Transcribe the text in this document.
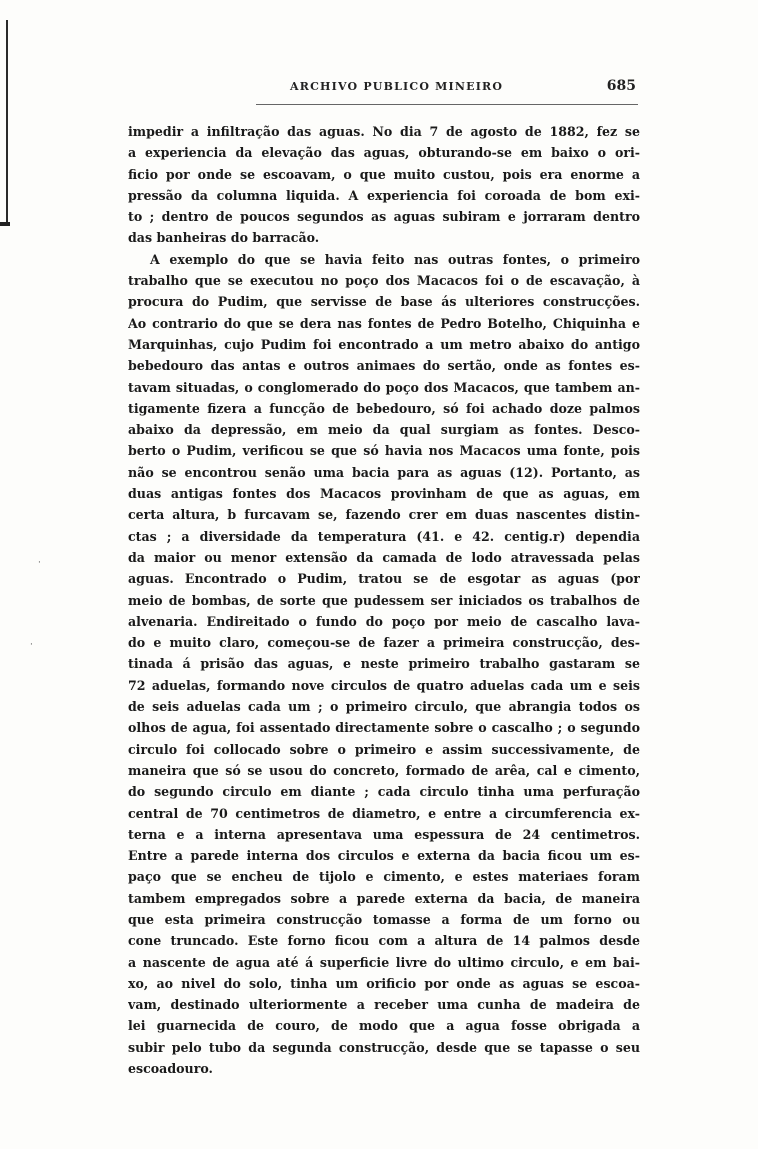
ARCHIVO PUBLICO MINEIRO	685
impedir a infiltração das aguas. No dia 7 de agosto de 1882, fez se
a experiencia da elevação das aguas, obturando-se em baixo o ori-
ficio por onde se escoavam, o que muito custou, pois era enorme a
pressão da columna liquida. A experiencia foi coroada de bom exi-
to ; dentro de poucos segundos as aguas subiram e jorraram dentro
das banheiras do barracão.
A exemplo do que se havia feito nas outras fontes, o primeiro
trabalho que se executou no poço dos Macacos foi o de escavação, à
procura do Pudim, que servisse de base ás ulteriores construcções.
Ao contrario do que se dera nas fontes de Pedro Botelho, Chiquinha e
Marquinhas, cujo Pudim foi encontrado a um metro abaixo do antigo
bebedouro das antas e outros animaes do sertão, onde as fontes es-
tavam situadas, o conglomerado do poço dos Macacos, que tambem an-
tigamente fizera a funcção de bebedouro, só foi achado doze palmos
abaixo da depressão, em meio da qual surgiam as fontes. Desco-
berto o Pudim, verificou se que só havia nos Macacos uma fonte, pois
não se encontrou senão uma bacia para as aguas (12). Portanto, as
duas antigas fontes dos Macacos provinham de que as aguas, em
certa altura, b furcavam se, fazendo crer em duas nascentes distin-
ctas ; a diversidade da temperatura (41. e 42. centig.r) dependia
da maior ou menor extensão da camada de lodo atravessada pelas
aguas. Encontrado o Pudim, tratou se de esgotar as aguas (por
meio de bombas, de sorte que pudessem ser iniciados os trabalhos de
alvenaria. Endireitado o fundo do poço por meio de cascalho lava-
do e muito claro, começou-se de fazer a primeira construcção, des-
tinada á prisão das aguas, e neste primeiro trabalho gastaram se
72 aduelas, formando nove circulos de quatro aduelas cada um e seis
de seis aduelas cada um ; o primeiro circulo, que abrangia todos os
olhos de agua, foi assentado directamente sobre o cascalho ; o segundo
circulo foi collocado sobre o primeiro e assim successivamente, de
maneira que só se usou do concreto, formado de arêa, cal e cimento,
do segundo circulo em diante ; cada circulo tinha uma perfuração
central de 70 centimetros de diametro, e entre a circumferencia ex-
terna e a interna apresentava uma espessura de 24 centimetros.
Entre a parede interna dos circulos e externa da bacia ficou um es-
paço que se encheu de tijolo e cimento, e estes materiaes foram
tambem empregados sobre a parede externa da bacia, de maneira
que esta primeira construcção tomasse a forma de um forno ou
cone truncado. Este forno ficou com a altura de 14 palmos desde
a nascente de agua até á superficie livre do ultimo circulo, e em bai-
xo, ao nivel do solo, tinha um orificio por onde as aguas se escoa-
vam, destinado ulteriormente a receber uma cunha de madeira de
lei guarnecida de couro, de modo que a agua fosse obrigada a
subir pelo tubo da segunda construcção, desde que se tapasse o seu
escoadouro.
·
·
